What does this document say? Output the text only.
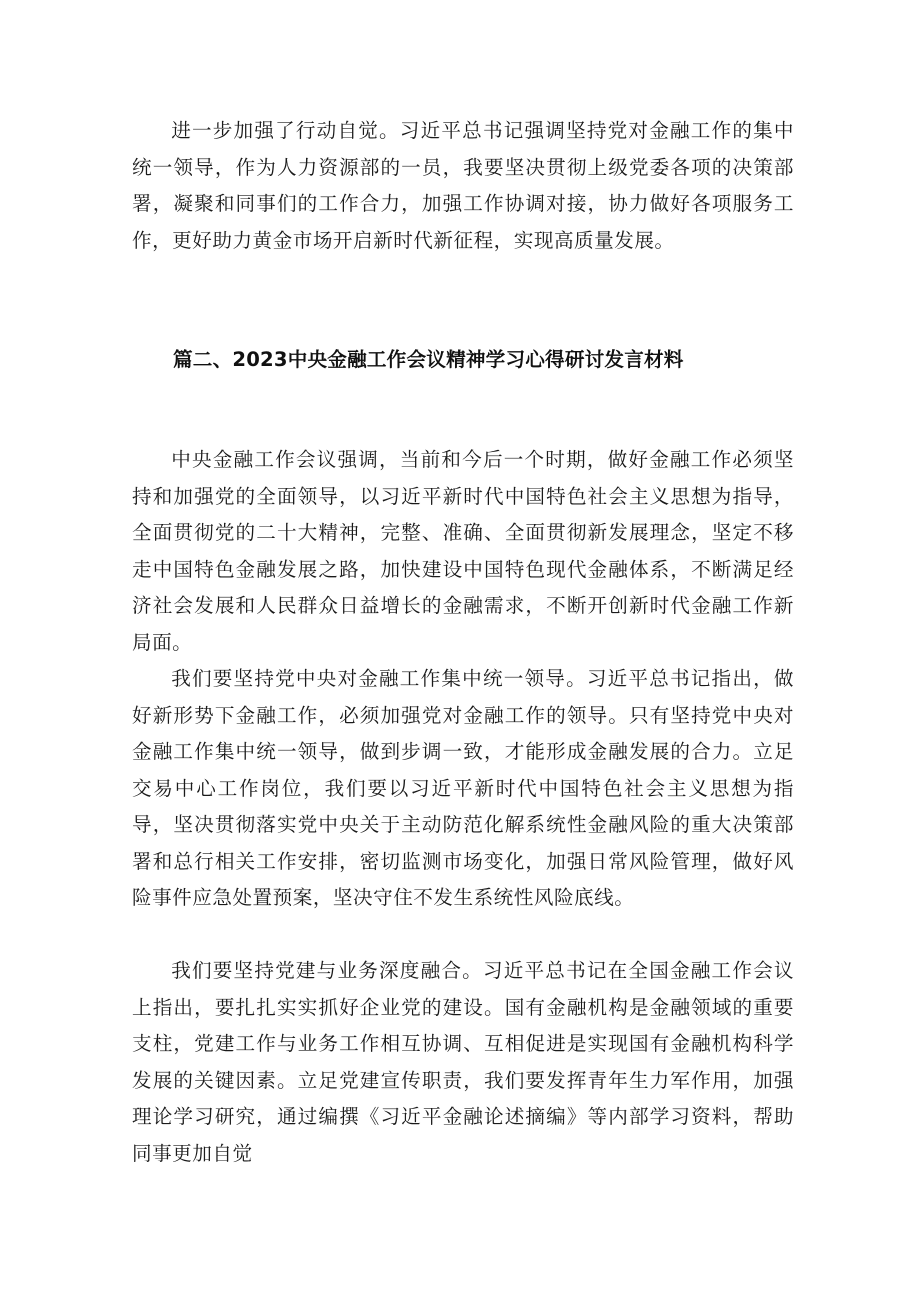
进一步加强了行动自觉。习近平总书记强调坚持党对金融工作的集中统一领导，作为人力资源部的一员，我要坚决贯彻上级党委各项的决策部署，凝聚和同事们的工作合力，加强工作协调对接，协力做好各项服务工作，更好助力黄金市场开启新时代新征程，实现高质量发展。

篇二、2023中央金融工作会议精神学习心得研讨发言材料

中央金融工作会议强调，当前和今后一个时期，做好金融工作必须坚持和加强党的全面领导，以习近平新时代中国特色社会主义思想为指导，全面贯彻党的二十大精神，完整、准确、全面贯彻新发展理念，坚定不移走中国特色金融发展之路，加快建设中国特色现代金融体系，不断满足经济社会发展和人民群众日益增长的金融需求，不断开创新时代金融工作新局面。

我们要坚持党中央对金融工作集中统一领导。习近平总书记指出，做好新形势下金融工作，必须加强党对金融工作的领导。只有坚持党中央对金融工作集中统一领导，做到步调一致，才能形成金融发展的合力。立足交易中心工作岗位，我们要以习近平新时代中国特色社会主义思想为指导，坚决贯彻落实党中央关于主动防范化解系统性金融风险的重大决策部署和总行相关工作安排，密切监测市场变化，加强日常风险管理，做好风险事件应急处置预案，坚决守住不发生系统性风险底线。

我们要坚持党建与业务深度融合。习近平总书记在全国金融工作会议上指出，要扎扎实实抓好企业党的建设。国有金融机构是金融领域的重要支柱，党建工作与业务工作相互协调、互相促进是实现国有金融机构科学发展的关键因素。立足党建宣传职责，我们要发挥青年生力军作用，加强理论学习研究，通过编撰《习近平金融论述摘编》等内部学习资料，帮助同事更加自觉
